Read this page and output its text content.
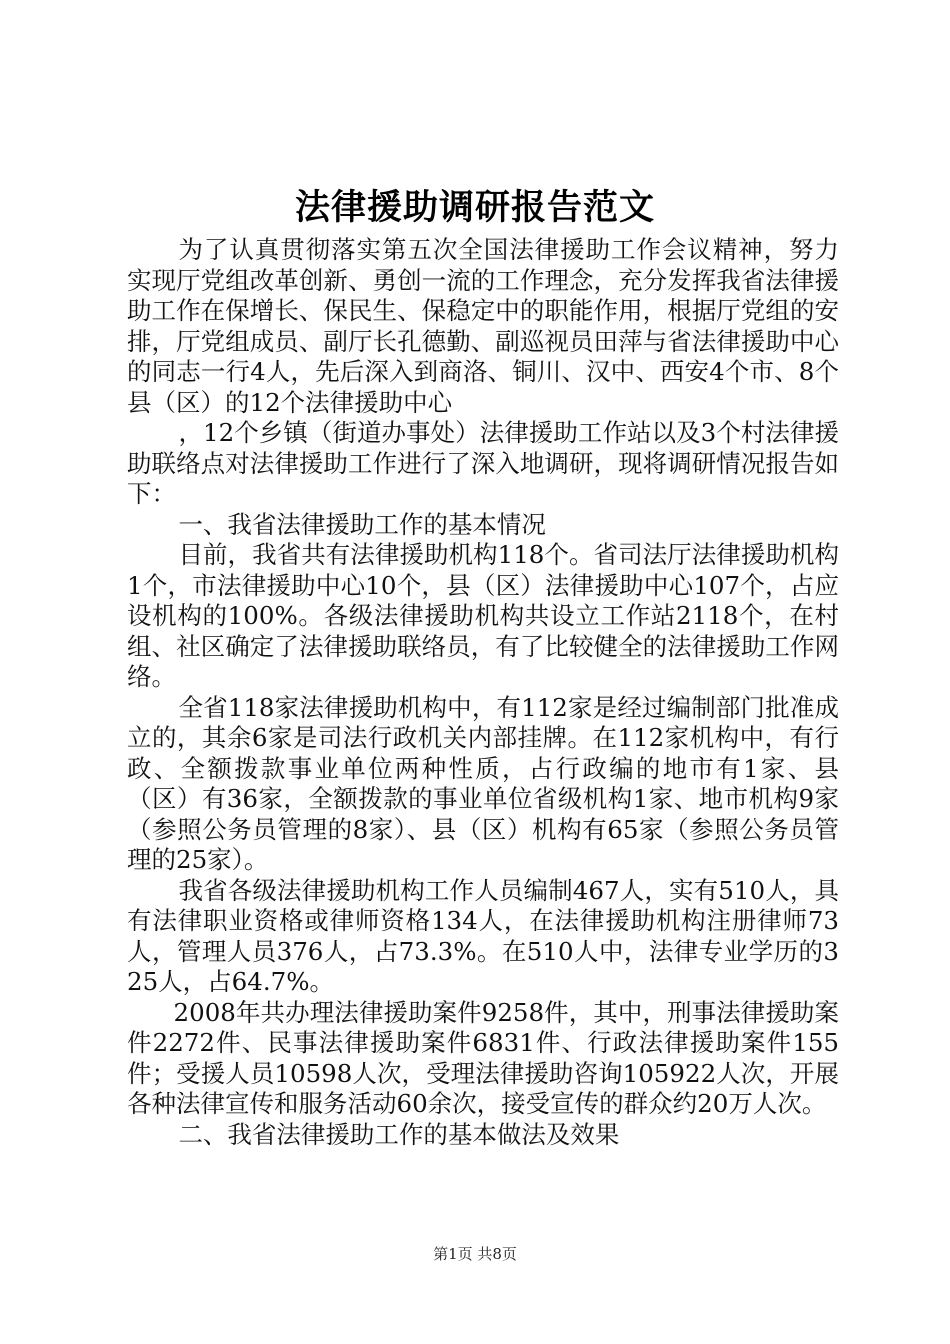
法律援助调研报告范文

为了认真贯彻落实第五次全国法律援助工作会议精神，努力实现厅党组改革创新、勇创一流的工作理念，充分发挥我省法律援助工作在保增长、保民生、保稳定中的职能作用，根据厅党组的安排，厅党组成员、副厅长孔德勤、副巡视员田萍与省法律援助中心的同志一行4人，先后深入到商洛、铜川、汉中、西安4个市、8个县（区）的12个法律援助中心

，12个乡镇（街道办事处）法律援助工作站以及3个村法律援助联络点对法律援助工作进行了深入地调研，现将调研情况报告如下：

一、我省法律援助工作的基本情况

目前，我省共有法律援助机构118个。省司法厅法律援助机构1个，市法律援助中心10个，县（区）法律援助中心107个，占应设机构的100%。各级法律援助机构共设立工作站2118个，在村组、社区确定了法律援助联络员，有了比较健全的法律援助工作网络。

全省118家法律援助机构中，有112家是经过编制部门批准成立的，其余6家是司法行政机关内部挂牌。在112家机构中，有行政、全额拨款事业单位两种性质，占行政编的地市有1家、县（区）有36家，全额拨款的事业单位省级机构1家、地市机构9家（参照公务员管理的8家）、县（区）机构有65家（参照公务员管理的25家）。

我省各级法律援助机构工作人员编制467人，实有510人，具有法律职业资格或律师资格134人，在法律援助机构注册律师73人，管理人员376人，占73.3%。在510人中，法律专业学历的325人，占64.7%。

2008年共办理法律援助案件9258件，其中，刑事法律援助案件2272件、民事法律援助案件6831件、行政法律援助案件155件；受援人员10598人次，受理法律援助咨询105922人次，开展各种法律宣传和服务活动60余次，接受宣传的群众约20万人次。

二、我省法律援助工作的基本做法及效果

第1页 共8页
